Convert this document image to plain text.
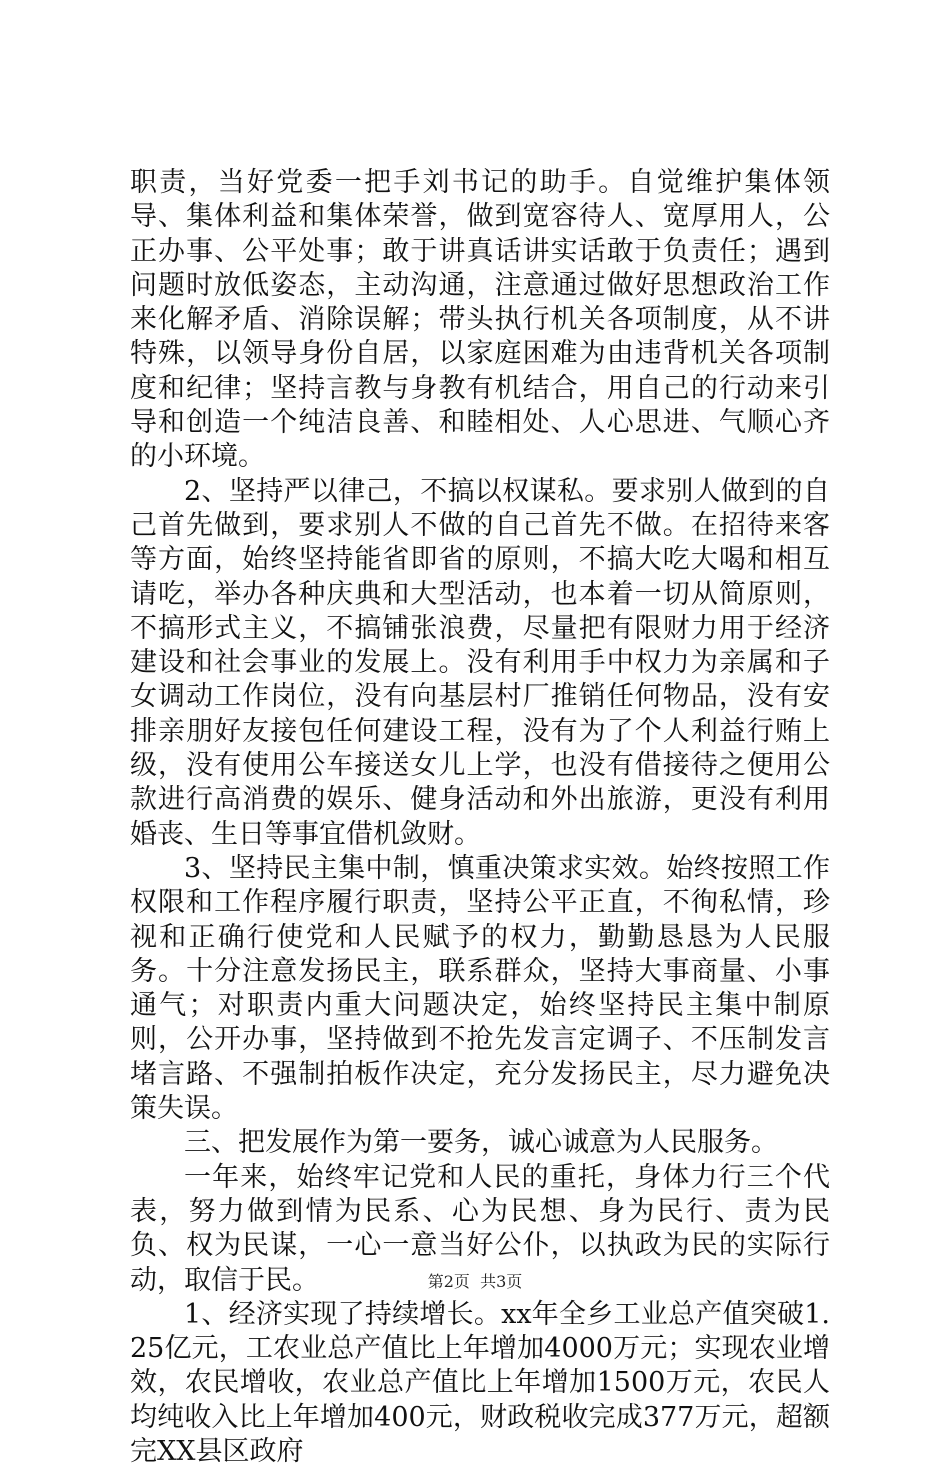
职责，当好党委一把手刘书记的助手。自觉维护集体领导、集体利益和集体荣誉，做到宽容待人、宽厚用人，公正办事、公平处事；敢于讲真话讲实话敢于负责任；遇到问题时放低姿态，主动沟通，注意通过做好思想政治工作来化解矛盾、消除误解；带头执行机关各项制度，从不讲特殊，以领导身份自居，以家庭困难为由违背机关各项制度和纪律；坚持言教与身教有机结合，用自己的行动来引导和创造一个纯洁良善、和睦相处、人心思进、气顺心齐的小环境。

2、坚持严以律己，不搞以权谋私。要求别人做到的自己首先做到，要求别人不做的自己首先不做。在招待来客等方面，始终坚持能省即省的原则，不搞大吃大喝和相互请吃，举办各种庆典和大型活动，也本着一切从简原则，不搞形式主义，不搞铺张浪费，尽量把有限财力用于经济建设和社会事业的发展上。没有利用手中权力为亲属和子女调动工作岗位，没有向基层村厂推销任何物品，没有安排亲朋好友接包任何建设工程，没有为了个人利益行贿上级，没有使用公车接送女儿上学，也没有借接待之便用公款进行高消费的娱乐、健身活动和外出旅游，更没有利用婚丧、生日等事宜借机敛财。

3、坚持民主集中制，慎重决策求实效。始终按照工作权限和工作程序履行职责，坚持公平正直，不徇私情，珍视和正确行使党和人民赋予的权力，勤勤恳恳为人民服务。十分注意发扬民主，联系群众，坚持大事商量、小事通气；对职责内重大问题决定，始终坚持民主集中制原则，公开办事，坚持做到不抢先发言定调子、不压制发言堵言路、不强制拍板作决定，充分发扬民主，尽力避免决策失误。

三、把发展作为第一要务，诚心诚意为人民服务。

一年来，始终牢记党和人民的重托，身体力行三个代表，努力做到情为民系、心为民想、身为民行、责为民负、权为民谋，一心一意当好公仆，以执政为民的实际行动，取信于民。

1、经济实现了持续增长。xx年全乡工业总产值突破1.25亿元，工农业总产值比上年增加4000万元；实现农业增效，农民增收，农业总产值比上年增加1500万元，农民人均纯收入比上年增加400元，财政税收完成377万元，超额完XX县区政府

第2页 共3页
